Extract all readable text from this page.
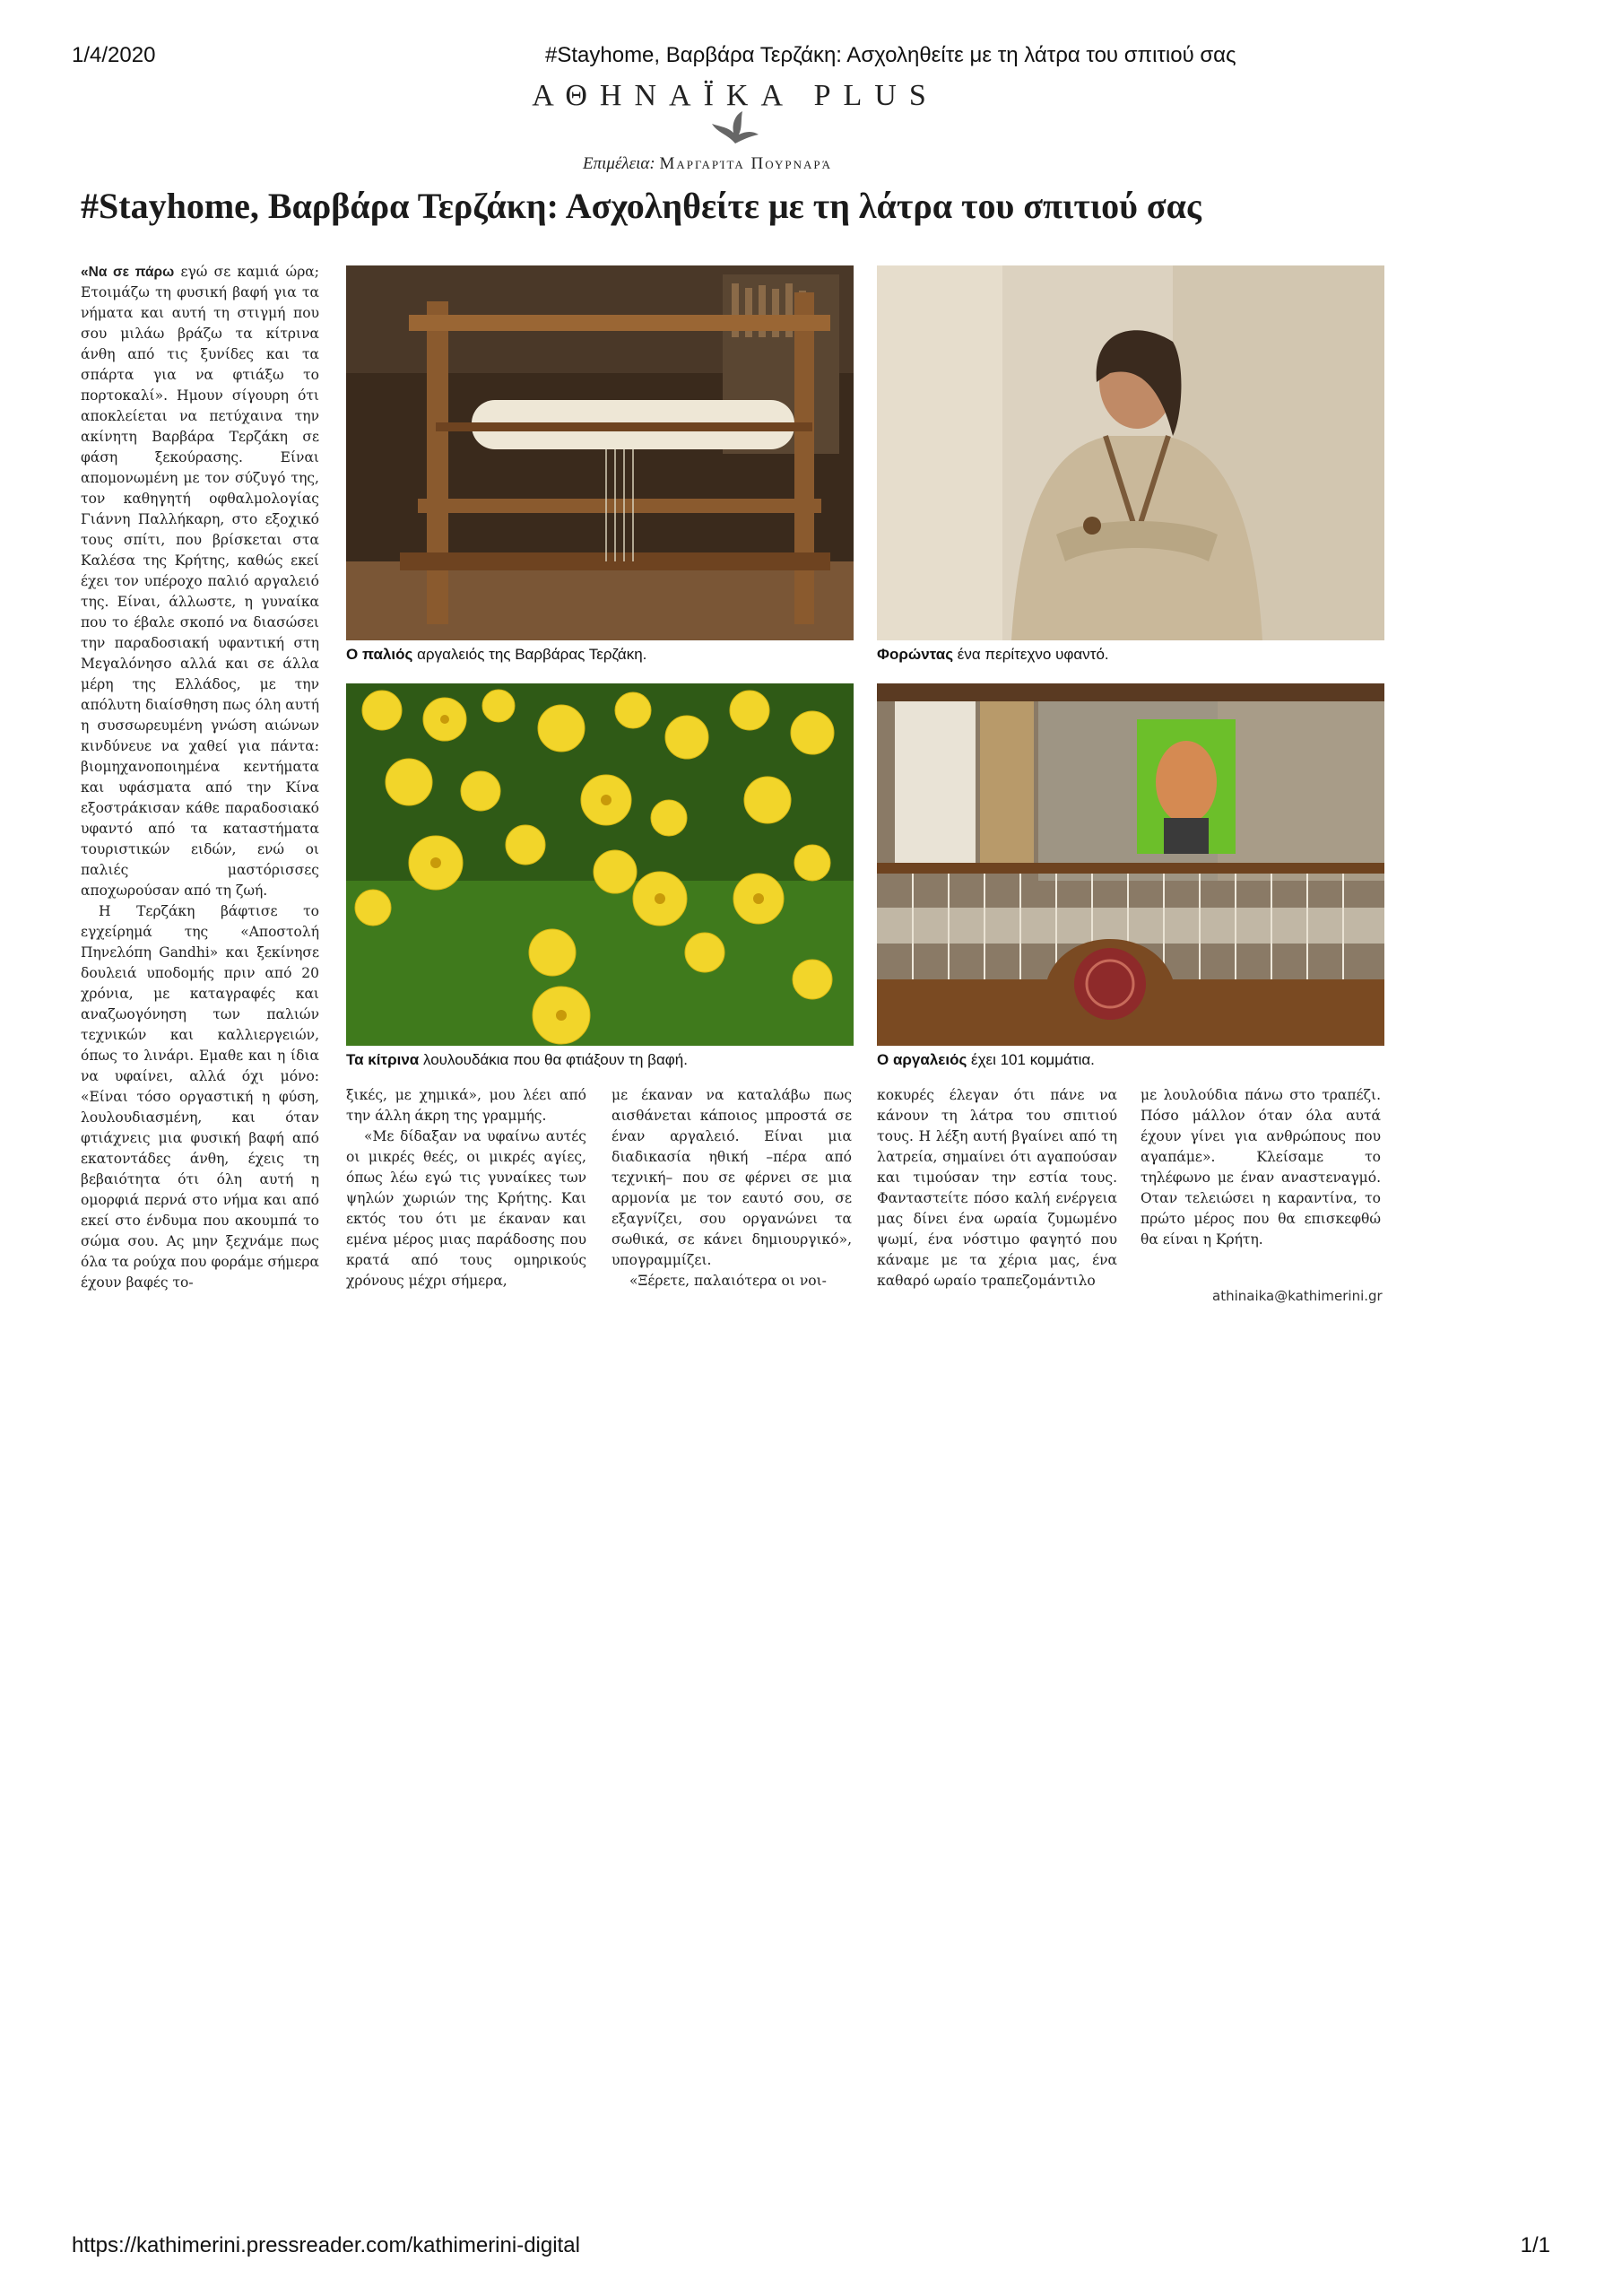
1/4/2020	#Stayhome, Βαρβάρα Τερζάκη: Ασχοληθείτε με τη λάτρα του σπιτιού σας
ΑΘΗΝΑΪΚΑ PLUS
Επιμέλεια: Μαργαρίτα Πουρναρά
#Stayhome, Βαρβάρα Τερζάκη: Ασχοληθείτε με τη λάτρα του σπιτιού σας

«Να σε πάρω εγώ σε καμιά ώρα; Ετοιμάζω τη φυσική βαφή για τα νήματα και αυτή τη στιγμή που σου μιλάω βράζω τα κίτρινα άνθη από τις ξυνίδες και τα σπάρτα για να φτιάξω το πορτοκαλί». Ημουν σίγουρη ότι αποκλείεται να πετύχαινα την ακίνητη Βαρβάρα Τερζάκη σε φάση ξεκούρασης. Είναι απομονωμένη με τον σύζυγό της, τον καθηγητή οφθαλμολογίας Γιάννη Παλλήκαρη, στο εξοχικό τους σπίτι, που βρίσκεται στα Καλέσα της Κρήτης, καθώς εκεί έχει τον υπέροχο παλιό αργαλειό της. Είναι, άλλωστε, η γυναίκα που το έβαλε σκοπό να διασώσει την παραδοσιακή υφαντική στη Μεγαλόνησο αλλά και σε άλλα μέρη της Ελλάδος, με την απόλυτη διαίσθηση πως όλη αυτή η συσσωρευμένη γνώση αιώνων κινδύνευε να χαθεί για πάντα: βιομηχανοποιημένα κεντήματα και υφάσματα από την Κίνα εξοστράκισαν κάθε παραδοσιακό υφαντό από τα καταστήματα τουριστικών ειδών, ενώ οι παλιές μαστόρισσες αποχωρούσαν από τη ζωή.

Η Τερζάκη βάφτισε το εγχείρημά της «Αποστολή Πηνελόπη Gandhi» και ξεκίνησε δουλειά υποδομής πριν από 20 χρόνια, με καταγραφές και αναζωογόνηση των παλιών τεχνικών και καλλιεργειών, όπως το λινάρι. Εμαθε και η ίδια να υφαίνει, αλλά όχι μόνο: «Είναι τόσο οργαστική η φύση, λουλουδιασμένη, και όταν φτιάχνεις μια φυσική βαφή από εκατοντάδες άνθη, έχεις τη βεβαιότητα ότι όλη αυτή η ομορφιά περνά στο νήμα και από εκεί στο ένδυμα που ακουμπά το σώμα σου. Ας μην ξεχνάμε πως όλα τα ρούχα που φοράμε σήμερα έχουν βαφές το-

ξικές, με χημικά», μου λέει από την άλλη άκρη της γραμμής.

«Με δίδαξαν να υφαίνω αυτές οι μικρές θεές, οι μικρές αγίες, όπως λέω εγώ τις γυναίκες των ψηλών χωριών της Κρήτης. Και εκτός του ότι με έκαναν και εμένα μέρος μιας παράδοσης που κρατά από τους ομηρικούς χρόνους μέχρι σήμερα,

με έκαναν να καταλάβω πως αισθάνεται κάποιος μπροστά σε έναν αργαλειό. Είναι μια διαδικασία ηθική –πέρα από τεχνική– που σε φέρνει σε μια αρμονία με τον εαυτό σου, σε εξαγνίζει, σου οργανώνει τα σωθικά, σε κάνει δημιουργικό», υπογραμμίζει.

«Ξέρετε, παλαιότερα οι νοι-

κοκυρές έλεγαν ότι πάνε να κάνουν τη λάτρα του σπιτιού τους. Η λέξη αυτή βγαίνει από τη λατρεία, σημαίνει ότι αγαπούσαν και τιμούσαν την εστία τους. Φανταστείτε πόσο καλή ενέργεια μας δίνει ένα ωραία ζυμωμένο ψωμί, ένα νόστιμο φαγητό που κάναμε με τα χέρια μας, ένα καθαρό ωραίο τραπεζομάντιλο

με λουλούδια πάνω στο τραπέζι. Πόσο μάλλον όταν όλα αυτά έχουν γίνει για ανθρώπους που αγαπάμε». Κλείσαμε το τηλέφωνο με έναν αναστεναγμό. Οταν τελειώσει η καραντίνα, το πρώτο μέρος που θα επισκεφθώ θα είναι η Κρήτη.

athinaika@kathimerini.gr
Ο παλιός αργαλειός της Βαρβάρας Τερζάκη.	Φορώντας ένα περίτεχνο υφαντό.
Τα κίτρινα λουλουδάκια που θα φτιάξουν τη βαφή.	Ο αργαλειός έχει 101 κομμάτια.
https://kathimerini.pressreader.com/kathimerini-digital	1/1
